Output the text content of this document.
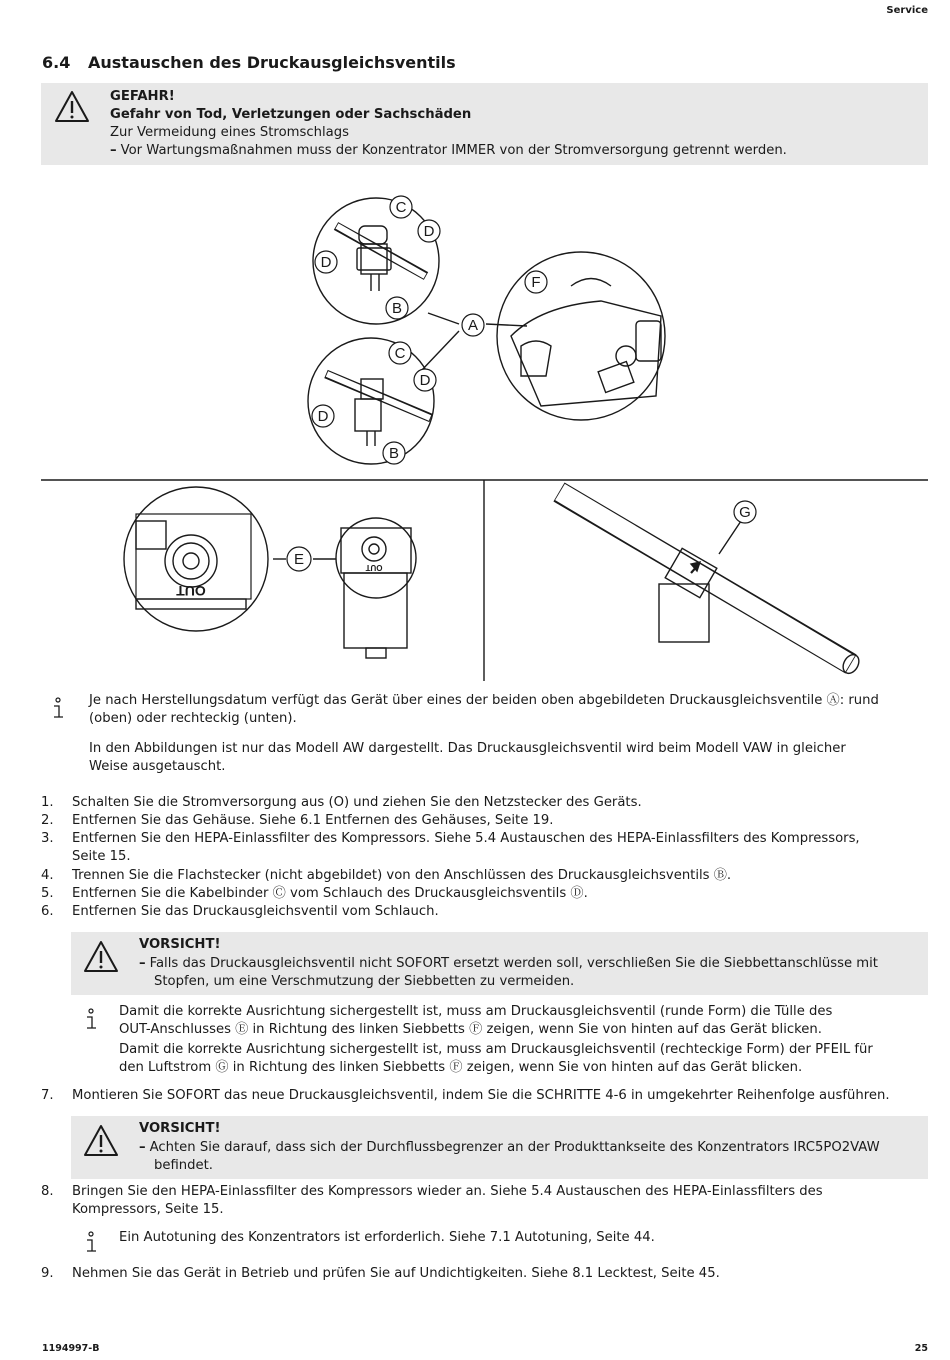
Service
6.4 Austauschen des Druckausgleichsventils
GEFAHR!
Gefahr von Tod, Verletzungen oder Sachschäden
Zur Vermeidung eines Stromschlags
– Vor Wartungsmaßnahmen muss der Konzentrator IMMER von der Stromversorgung getrennt werden.
C
D
D
B
A
F
C
D
D
B
E
G
OUT
OUT
Je nach Herstellungsdatum verfügt das Gerät über eines der beiden oben abgebildeten Druckausgleichsventile Ⓐ: rund
(oben) oder rechteckig (unten).
In den Abbildungen ist nur das Modell AW dargestellt. Das Druckausgleichsventil wird beim Modell VAW in gleicher
Weise ausgetauscht.
1.	Schalten Sie die Stromversorgung aus (O) und ziehen Sie den Netzstecker des Geräts.
2.	Entfernen Sie das Gehäuse. Siehe 6.1 Entfernen des Gehäuses, Seite 19.
3.	Entfernen Sie den HEPA-Einlassfilter des Kompressors. Siehe 5.4 Austauschen des HEPA-Einlassfilters des Kompressors,
Seite 15.
4.	Trennen Sie die Flachstecker (nicht abgebildet) von den Anschlüssen des Druckausgleichsventils Ⓑ.
5.	Entfernen Sie die Kabelbinder Ⓒ vom Schlauch des Druckausgleichsventils Ⓓ.
6.	Entfernen Sie das Druckausgleichsventil vom Schlauch.
VORSICHT!
– Falls das Druckausgleichsventil nicht SOFORT ersetzt werden soll, verschließen Sie die Siebbettanschlüsse mit
Stopfen, um eine Verschmutzung der Siebbetten zu vermeiden.
Damit die korrekte Ausrichtung sichergestellt ist, muss am Druckausgleichsventil (runde Form) die Tülle des
OUT-Anschlusses Ⓔ in Richtung des linken Siebbetts Ⓕ zeigen, wenn Sie von hinten auf das Gerät blicken.
Damit die korrekte Ausrichtung sichergestellt ist, muss am Druckausgleichsventil (rechteckige Form) der PFEIL für
den Luftstrom Ⓖ in Richtung des linken Siebbetts Ⓕ zeigen, wenn Sie von hinten auf das Gerät blicken.
7.	Montieren Sie SOFORT das neue Druckausgleichsventil, indem Sie die SCHRITTE 4-6 in umgekehrter Reihenfolge ausführen.
VORSICHT!
– Achten Sie darauf, dass sich der Durchflussbegrenzer an der Produkttankseite des Konzentrators IRC5PO2VAW
befindet.
8.	Bringen Sie den HEPA-Einlassfilter des Kompressors wieder an. Siehe 5.4 Austauschen des HEPA-Einlassfilters des
Kompressors, Seite 15.
Ein Autotuning des Konzentrators ist erforderlich. Siehe 7.1 Autotuning, Seite 44.
9.	Nehmen Sie das Gerät in Betrieb und prüfen Sie auf Undichtigkeiten. Siehe 8.1 Lecktest, Seite 45.
1194997-B	25
